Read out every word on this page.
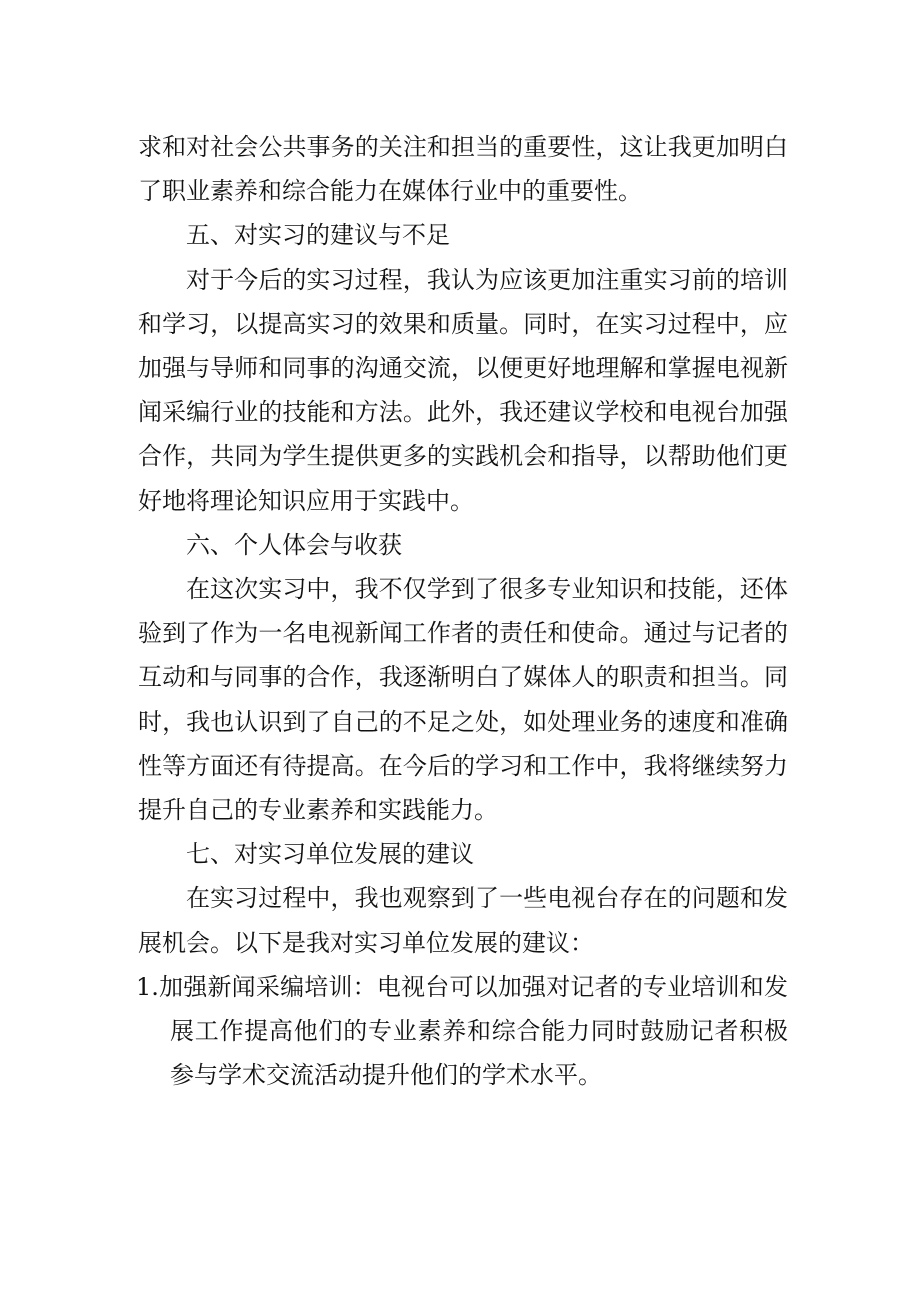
求和对社会公共事务的关注和担当的重要性，这让我更加明白了职业素养和综合能力在媒体行业中的重要性。

五、对实习的建议与不足

对于今后的实习过程，我认为应该更加注重实习前的培训和学习，以提高实习的效果和质量。同时，在实习过程中，应加强与导师和同事的沟通交流，以便更好地理解和掌握电视新闻采编行业的技能和方法。此外，我还建议学校和电视台加强合作，共同为学生提供更多的实践机会和指导，以帮助他们更好地将理论知识应用于实践中。

六、个人体会与收获

在这次实习中，我不仅学到了很多专业知识和技能，还体验到了作为一名电视新闻工作者的责任和使命。通过与记者的互动和与同事的合作，我逐渐明白了媒体人的职责和担当。同时，我也认识到了自己的不足之处，如处理业务的速度和准确性等方面还有待提高。在今后的学习和工作中，我将继续努力提升自己的专业素养和实践能力。

七、对实习单位发展的建议

在实习过程中，我也观察到了一些电视台存在的问题和发展机会。以下是我对实习单位发展的建议：

1.加强新闻采编培训：电视台可以加强对记者的专业培训和发展工作提高他们的专业素养和综合能力同时鼓励记者积极参与学术交流活动提升他们的学术水平。
